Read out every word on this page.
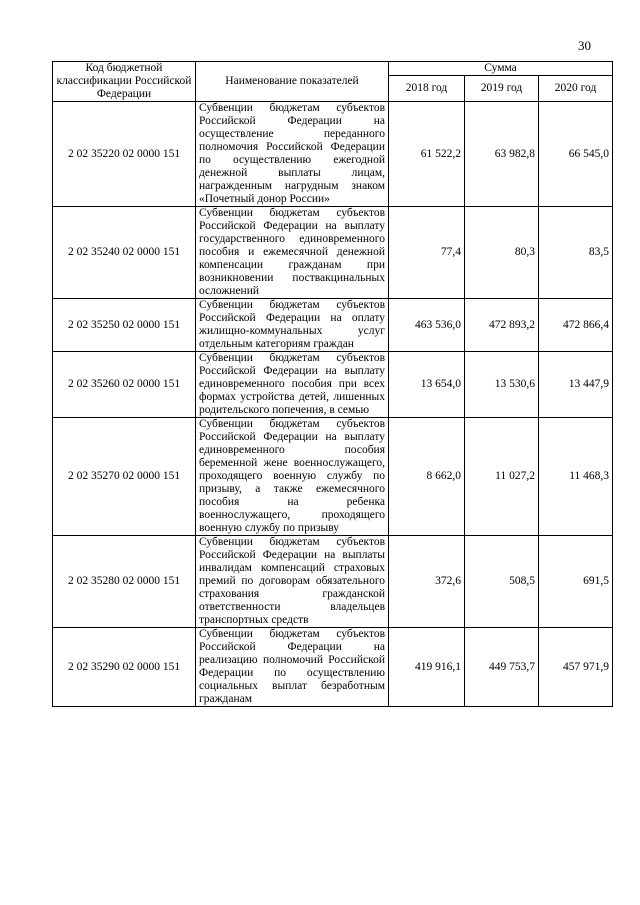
30
Код бюджетной классификации Российской Федерации	Наименование показателей	Сумма		
		2018 год	2019 год	2020 год
2 02 35220 02 0000 151	Субвенции бюджетам субъектов Российской Федерации на осуществление переданного полномочия Российской Федерации по осуществлению ежегодной денежной выплаты лицам, награжденным нагрудным знаком «Почетный донор России»	61 522,2	63 982,8	66 545,0
2 02 35240 02 0000 151	Субвенции бюджетам субъектов Российской Федерации на выплату государственного единовременного пособия и ежемесячной денежной компенсации гражданам при возникновении поствакцинальных осложнений	77,4	80,3	83,5
2 02 35250 02 0000 151	Субвенции бюджетам субъектов Российской Федерации на оплату жилищно-коммунальных услуг отдельным категориям граждан	463 536,0	472 893,2	472 866,4
2 02 35260 02 0000 151	Субвенции бюджетам субъектов Российской Федерации на выплату единовременного пособия при всех формах устройства детей, лишенных родительского попечения, в семью	13 654,0	13 530,6	13 447,9
2 02 35270 02 0000 151	Субвенции бюджетам субъектов Российской Федерации на выплату единовременного пособия беременной жене военнослужащего, проходящего военную службу по призыву, а также ежемесячного пособия на ребенка военнослужащего, проходящего военную службу по призыву	8 662,0	11 027,2	11 468,3
2 02 35280 02 0000 151	Субвенции бюджетам субъектов Российской Федерации на выплаты инвалидам компенсаций страховых премий по договорам обязательного страхования гражданской ответственности владельцев транспортных средств	372,6	508,5	691,5
2 02 35290 02 0000 151	Субвенции бюджетам субъектов Российской Федерации на реализацию полномочий Российской Федерации по осуществлению социальных выплат безработным гражданам	419 916,1	449 753,7	457 971,9
